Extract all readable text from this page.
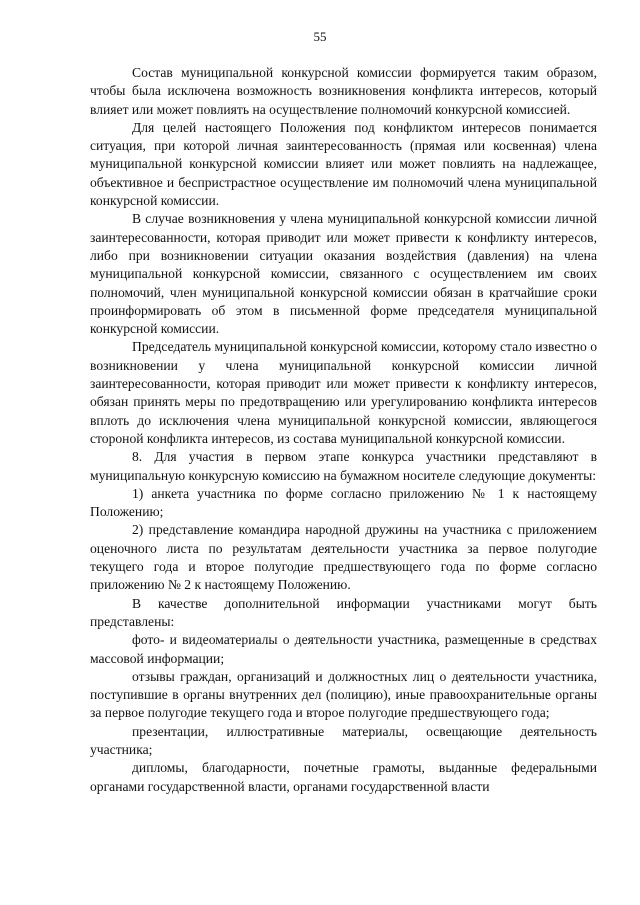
55

Состав муниципальной конкурсной комиссии формируется таким образом, чтобы была исключена возможность возникновения конфликта интересов, который влияет или может повлиять на осуществление полномочий конкурсной комиссией.

Для целей настоящего Положения под конфликтом интересов понимается ситуация, при которой личная заинтересованность (прямая или косвенная) члена муниципальной конкурсной комиссии влияет или может повлиять на надлежащее, объективное и беспристрастное осуществление им полномочий члена муниципальной конкурсной комиссии.

В случае возникновения у члена муниципальной конкурсной комиссии личной заинтересованности, которая приводит или может привести к конфликту интересов, либо при возникновении ситуации оказания воздействия (давления) на члена муниципальной конкурсной комиссии, связанного с осуществлением им своих полномочий, член муниципальной конкурсной комиссии обязан в кратчайшие сроки проинформировать об этом в письменной форме председателя муниципальной конкурсной комиссии.

Председатель муниципальной конкурсной комиссии, которому стало известно о возникновении у члена муниципальной конкурсной комиссии личной заинтересованности, которая приводит или может привести к конфликту интересов, обязан принять меры по предотвращению или урегулированию конфликта интересов вплоть до исключения члена муниципальной конкурсной комиссии, являющегося стороной конфликта интересов, из состава муниципальной конкурсной комиссии.

8. Для участия в первом этапе конкурса участники представляют в муниципальную конкурсную комиссию на бумажном носителе следующие документы:

1) анкета участника по форме согласно приложению № 1 к настоящему Положению;

2) представление командира народной дружины на участника с приложением оценочного листа по результатам деятельности участника за первое полугодие текущего года и второе полугодие предшествующего года по форме согласно приложению № 2 к настоящему Положению.

В качестве дополнительной информации участниками могут быть представлены:

фото- и видеоматериалы о деятельности участника, размещенные в средствах массовой информации;

отзывы граждан, организаций и должностных лиц о деятельности участника, поступившие в органы внутренних дел (полицию), иные правоохранительные органы за первое полугодие текущего года и второе полугодие предшествующего года;

презентации, иллюстративные материалы, освещающие деятельность участника;

дипломы, благодарности, почетные грамоты, выданные федеральными органами государственной власти, органами государственной власти
